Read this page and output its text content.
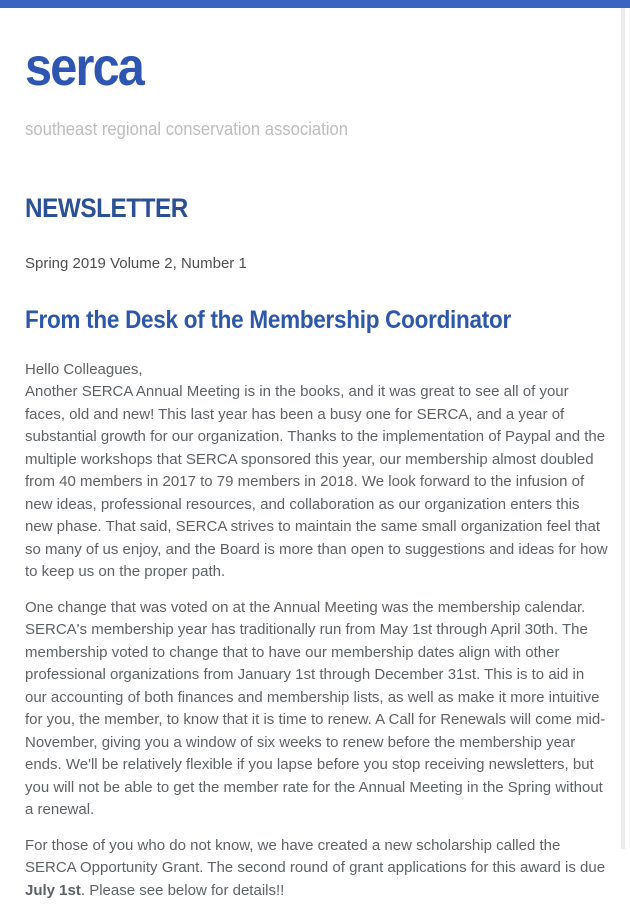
serca
southeast regional conservation association
NEWSLETTER
Spring 2019 Volume 2, Number 1
From the Desk of the Membership Coordinator

Hello Colleagues,
Another SERCA Annual Meeting is in the books, and it was great to see all of your faces, old and new! This last year has been a busy one for SERCA, and a year of substantial growth for our organization. Thanks to the implementation of Paypal and the multiple workshops that SERCA sponsored this year, our membership almost doubled from 40 members in 2017 to 79 members in 2018. We look forward to the infusion of new ideas, professional resources, and collaboration as our organization enters this new phase. That said, SERCA strives to maintain the same small organization feel that so many of us enjoy, and the Board is more than open to suggestions and ideas for how to keep us on the proper path.

One change that was voted on at the Annual Meeting was the membership calendar. SERCA's membership year has traditionally run from May 1st through April 30th. The membership voted to change that to have our membership dates align with other professional organizations from January 1st through December 31st. This is to aid in our accounting of both finances and membership lists, as well as make it more intuitive for you, the member, to know that it is time to renew. A Call for Renewals will come mid-November, giving you a window of six weeks to renew before the membership year ends. We'll be relatively flexible if you lapse before you stop receiving newsletters, but you will not be able to get the member rate for the Annual Meeting in the Spring without a renewal.

For those of you who do not know, we have created a new scholarship called the SERCA Opportunity Grant. The second round of grant applications for this award is due July 1st. Please see below for details!!
